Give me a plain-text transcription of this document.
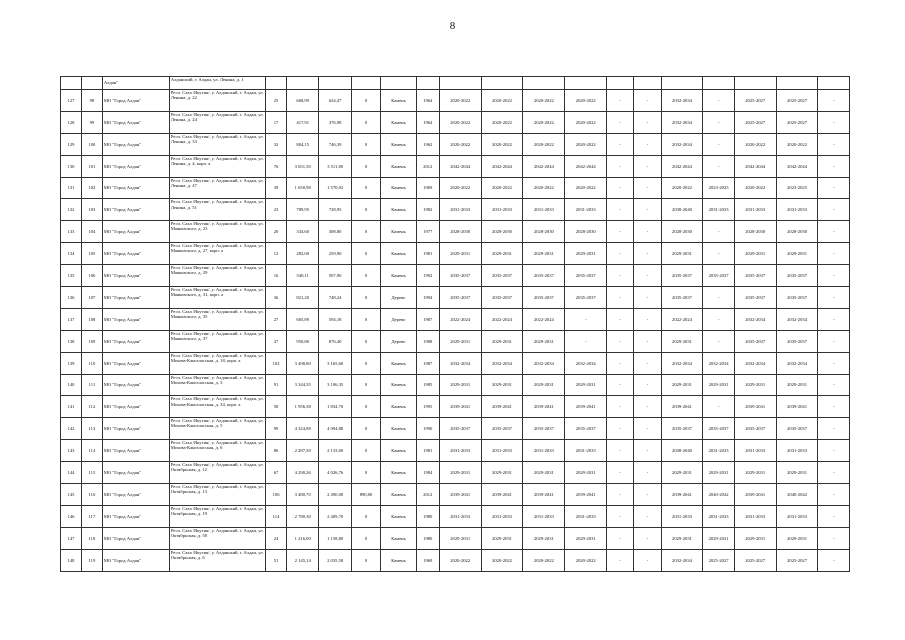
8
		Алдан"	Алданский, г. Алдан, ул. Ленина, д. 1																	
127	98	МО "Город Алдан"	Респ. Саха /Якутия/, у. Алданский, г. Алдан, ул. Ленина, д. 22	25	668,99	624,47	0	Камень	1964	2020-2022	2020-2022	2020-2022	2020-2022	-	-	2032-2034	-	2025-2027	2025-2027	-
128	99	МО "Город Алдан"	Респ. Саха /Якутия/, у. Алданский, г. Алдан, ул. Ленина, д. 24	17	417,91	376,98	0	Камень	1964	2020-2022	2020-2022	2020-2022	2020-2022	-	-	2032-2034	-	2025-2027	2025-2027	-
129	100	МО "Город Алдан"	Респ. Саха /Якутия/, у. Алданский, г. Алдан, ул. Ленина, д. 33	32	804,15	746,39	0	Камень	1962	2020-2022	2020-2022	2020-2022	2020-2022	-	-	2032-2034	-	2020-2022	2020-2022	-
130	101	МО "Город Алдан"	Респ. Саха /Якутия/, у. Алданский, г. Алдан, ул. Ленина, д. 4, корп. а	76	3 651,50	3 511,80	0	Камень	2012	2042-2044	2042-2044	2042-2044	2042-2044	-	-	2042-2044	-	2042-2044	2042-2044	-
131	102	МО "Город Алдан"	Респ. Саха /Якутия/, у. Алданский, г. Алдан, ул. Ленина, д. 47	39	1 650,98	1 570,02	0	Камень	1969	2020-2022	2020-2022	2020-2022	2020-2022	-	-	2020-2022	2023-2025	2020-2022	2023-2025	-
132	103	МО "Город Алдан"	Респ. Саха /Якутия/, у. Алданский, г. Алдан, ул. Ленина, д. 51	23	789,95	728,95	0	Камень	1982	2031-2033	2031-2033	2031-2033	2031-2033	-	-	2038-2040	2031-2033	2031-2033	2031-2033	-
133	104	МО "Город Алдан"	Респ. Саха /Якутия/, у. Алданский, г. Алдан, ул. Маяковского, д. 23	20	334,60	308,80	0	Камень	1977	2028-2030	2028-2030	2028-2030	2028-2030	-	-	2028-2030	-	2028-2030	2028-2030	-
134	105	МО "Город Алдан"	Респ. Саха /Якутия/, у. Алданский, г. Алдан, ул. Маяковского, д. 27, корп. а	12	282,00	259,90	0	Камень	1981	2029-2031	2029-2031	2029-2031	2029-2031	-	-	2029-2031	-	2029-2031	2029-2031	-
135	106	МО "Город Алдан"	Респ. Саха /Якутия/, у. Алданский, г. Алдан, ул. Маяковского, д. 29	16	540,11	507,90	0	Камень	1992	2035-2037	2035-2037	2035-2037	2035-2037	-	-	2035-2037	2035-2037	2035-2037	2035-2037	-
136	107	МО "Город Алдан"	Респ. Саха /Якутия/, у. Алданский, г. Алдан, ул. Маяковского, д. 31, корп. а	36	821,20	748,24	0	Дерево	1994	2035-2037	2035-2037	2035-2037	2035-2037	-	-	2035-2037	-	2035-2037	2035-2037	-
137	108	МО "Город Алдан"	Респ. Саха /Якутия/, у. Алданский, г. Алдан, ул. Маяковского, д. 35	27	605,89	594,18	0	Дерево	1987	2022-2024	2022-2024	2022-2024	-	-	-	2022-2024	-	2032-2034	2032-2034	-
138	109	МО "Город Алдан"	Респ. Саха /Якутия/, у. Алданский, г. Алдан, ул. Маяковского, д. 37	37	950,80	876,40	0	Дерево	1988	2029-2031	2029-2031	2029-2031	-	-	-	2029-2031	-	2035-2037	2035-2037	-
139	110	МО "Город Алдан"	Респ. Саха /Якутия/, у. Алданский, г. Алдан, ул. Мохова-Кангаласская, д. 18, корп. а	102	3 498,80	3 165,60	0	Камень	1987	2032-2034	2032-2034	2032-2034	2032-2034	-	-	2032-2034	2032-2034	2032-2034	2032-2034	-
140	111	МО "Город Алдан"	Респ. Саха /Якутия/, у. Алданский, г. Алдан, ул. Мохова-Кангаласская, д. 3	91	3 344,35	3 106,35	0	Камень	1985	2029-2031	2029-2031	2029-2031	2029-2031	-	-	2029-2031	2029-2031	2029-2031	2029-2031	-
141	112	МО "Город Алдан"	Респ. Саха /Якутия/, у. Алданский, г. Алдан, ул. Мохова-Кангаласская, д. 34, корп. а	58	1 956,38	1 834,70	0	Камень	1995	2039-2041	2039-2041	2039-2041	2039-2041	-	-	2039-2041	-	2039-2041	2039-2041	-
142	113	МО "Город Алдан"	Респ. Саха /Якутия/, у. Алданский, г. Алдан, ул. Мохова-Кангаласская, д. 5	99	4 324,88	4 094,88	0	Камень	1990	2035-2037	2035-2037	2035-2037	2035-2037	-	-	2035-2037	2035-2037	2035-2037	2035-2037	-
143	114	МО "Город Алдан"	Респ. Саха /Якутия/, у. Алданский, г. Алдан, ул. Мохова-Кангаласская, д. 6	86	2 287,50	2 133,00	0	Камень	1981	2031-2033	2031-2033	2031-2033	2031-2033	-	-	2038-2040	2031-2033	2031-2033	2031-2033	-
144	115	МО "Город Алдан"	Респ. Саха /Якутия/, у. Алданский, г. Алдан, ул. Октябрьская, д. 12	67	4 290,26	4 026,76	0	Камень	1984	2029-2031	2029-2031	2029-2031	2029-2031	-	-	2029-2031	2029-2031	2029-2031	2029-2031	-
145	116	МО "Город Алдан"	Респ. Саха /Якутия/, у. Алданский, г. Алдан, ул. Октябрьская, д. 13	106	3 480,70	2 490,00	890,00	Камень	2012	2039-2041	2039-2041	2039-2041	2039-2041	-	-	2039-2041	2040-2042	2039-2041	2040-2042	-
146	117	МО "Город Алдан"	Респ. Саха /Якутия/, у. Алданский, г. Алдан, ул. Октябрьская, д. 19	114	2 780,30	2 409,70	0	Камень	1980	2031-2033	2031-2033	2031-2033	2031-2033	-	-	2031-2033	2031-2033	2031-2033	2031-2033	-
147	118	МО "Город Алдан"	Респ. Саха /Якутия/, у. Алданский, г. Алдан, ул. Октябрьская, д. 58	24	1 216,00	1 158,80	0	Камень	1980	2029-2031	2029-2031	2029-2031	2029-2031	-	-	2029-2031	2029-2031	2029-2031	2029-2031	-
148	119	МО "Город Алдан"	Респ. Саха /Якутия/, у. Алданский, г. Алдан, ул. Октябрьская, д. 6	51	2 145,14	2 035,58	0	Камень	1969	2020-2022	2020-2022	2020-2022	2020-2022	-	-	2032-2034	2025-2027	2025-2027	2025-2027	-
